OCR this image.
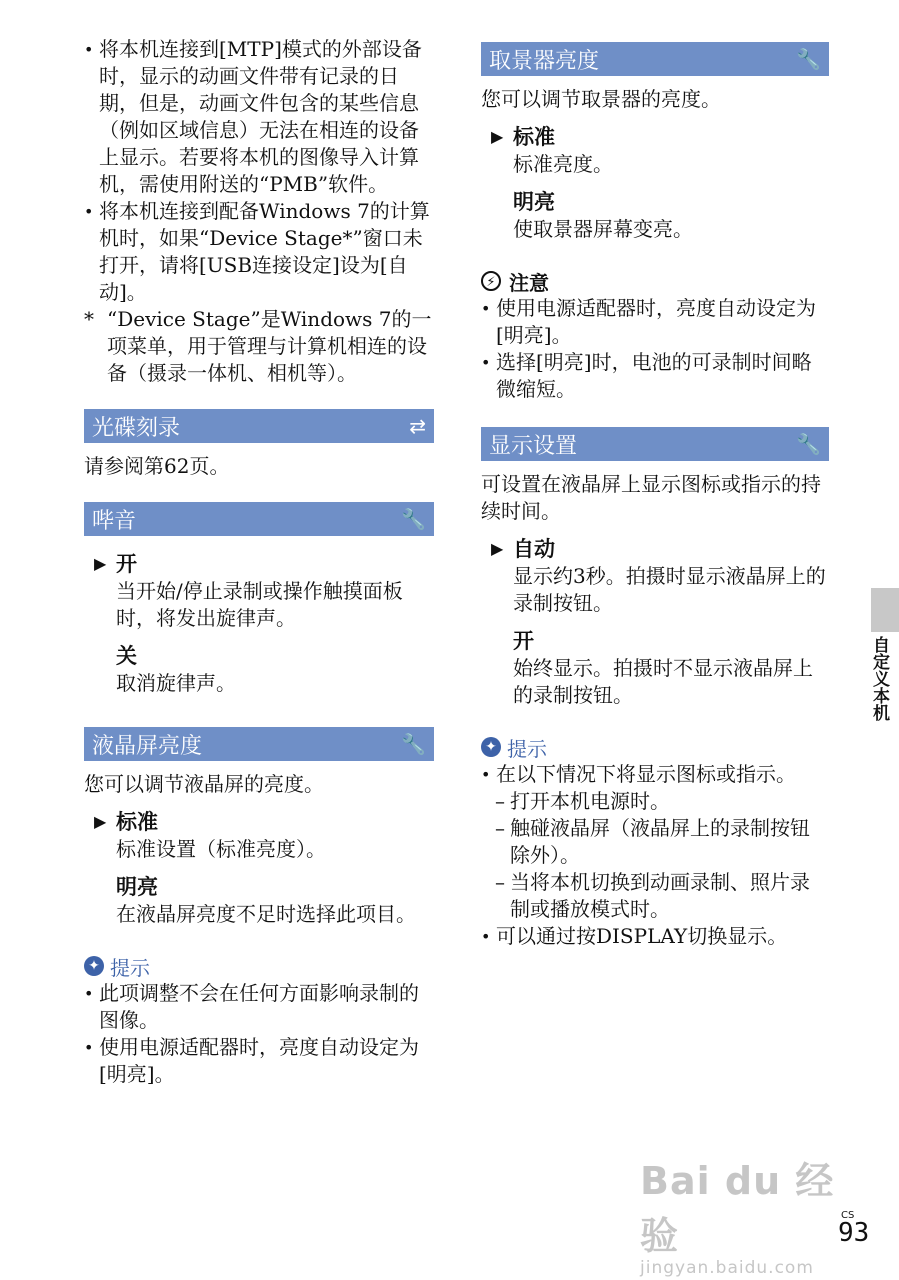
• 将本机连接到[MTP]模式的外部设备时，显示的动画文件带有记录的日期，但是，动画文件包含的某些信息（例如区域信息）无法在相连的设备上显示。若要将本机的图像导入计算机，需使用附送的“PMB”软件。

• 将本机连接到配备Windows 7的计算机时，如果“Device Stage*”窗口未打开，请将[USB连接设定]设为[自动]。

* “Device Stage”是Windows 7的一项菜单，用于管理与计算机相连的设备（摄录一体机、相机等）。

光碟刻录	⇄

请参阅第62页。

哔音	🔧
▶ 开
当开始/停止录制或操作触摸面板时，将发出旋律声。
关
取消旋律声。
液晶屏亮度	🔧

您可以调节液晶屏的亮度。

▶ 标准
标准设置（标准亮度）。
明亮
在液晶屏亮度不足时选择此项目。
✦ 提示

• 此项调整不会在任何方面影响录制的图像。

• 使用电源适配器时，亮度自动设定为[明亮]。

取景器亮度	🔧

您可以调节取景器的亮度。

▶ 标准
标准亮度。
明亮
使取景器屏幕变亮。
⚡ 注意

• 使用电源适配器时，亮度自动设定为[明亮]。

• 选择[明亮]时，电池的可录制时间略微缩短。

显示设置	🔧

可设置在液晶屏上显示图标或指示的持续时间。

▶ 自动
显示约3秒。拍摄时显示液晶屏上的录制按钮。
开
始终显示。拍摄时不显示液晶屏上的录制按钮。
✦ 提示

• 在以下情况下将显示图标或指示。

– 打开本机电源时。

– 触碰液晶屏（液晶屏上的录制按钮除外）。

– 当将本机切换到动画录制、照片录制或播放模式时。

• 可以通过按DISPLAY切换显示。

自定义本机
Bai du 经验
jingyan.baidu.com
CS
93
